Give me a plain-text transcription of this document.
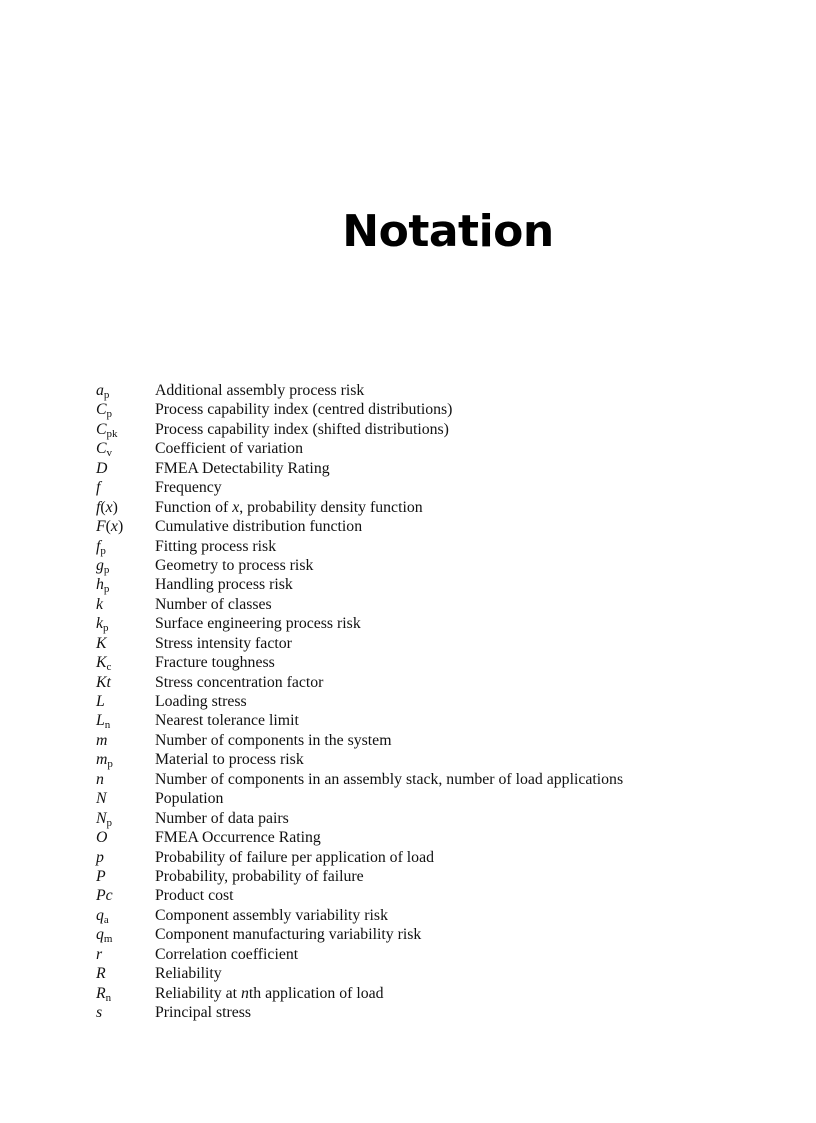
Notation
$a_p$	Additional assembly process risk
$C_p$	Process capability index (centred distributions)
$C_{pk}$	Process capability index (shifted distributions)
$C_v$	Coefficient of variation
D	FMEA Detectability Rating
f	Frequency
f(x)	Function of x, probability density function
F(x)	Cumulative distribution function
$f_p$	Fitting process risk
$g_p$	Geometry to process risk
$h_p$	Handling process risk
k	Number of classes
$k_p$	Surface engineering process risk
K	Stress intensity factor
$K_c$	Fracture toughness
Kt	Stress concentration factor
L	Loading stress
$L_n$	Nearest tolerance limit
m	Number of components in the system
$m_p$	Material to process risk
n	Number of components in an assembly stack, number of load applications
N	Population
$N_p$	Number of data pairs
O	FMEA Occurrence Rating
p	Probability of failure per application of load
P	Probability, probability of failure
Pc	Product cost
$q_a$	Component assembly variability risk
$q_m$	Component manufacturing variability risk
r	Correlation coefficient
R	Reliability
$R_n$	Reliability at nth application of load
s	Principal stress
